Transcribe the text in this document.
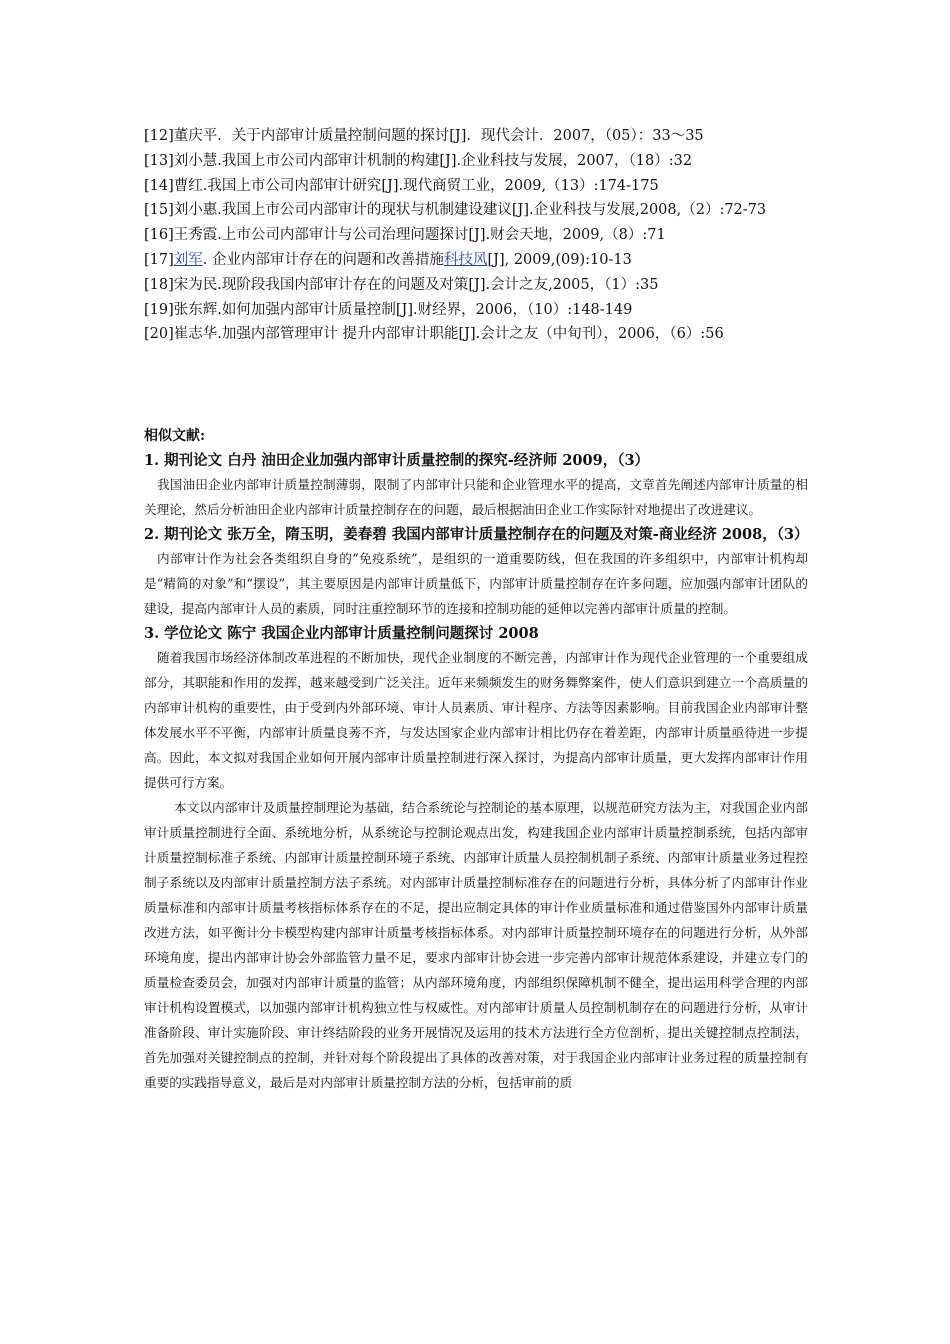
[12]董庆平．关于内部审计质量控制问题的探讨[J]．现代会计．2007，（05）：33～35
[13]刘小慧.我国上市公司内部审计机制的构建[J].企业科技与发展，2007，（18）:32
[14]曹红.我国上市公司内部审计研究[J].现代商贸工业，2009,（13）:174-175
[15]刘小惠.我国上市公司内部审计的现状与机制建设建议[J].企业科技与发展,2008,（2）:72-73
[16]王秀霞.上市公司内部审计与公司治理问题探讨[J].财会天地，2009,（8）:71
[17]刘军. 企业内部审计存在的问题和改善措施科技风[J], 2009,(09):10-13
[18]宋为民.现阶段我国内部审计存在的问题及对策[J].会计之友,2005，（1）:35
[19]张东辉.如何加强内部审计质量控制[J].财经界，2006，（10）:148-149
[20]崔志华.加强内部管理审计 提升内部审计职能[J].会计之友（中旬刊），2006，（6）:56
相似文献:
1. 期刊论文 白丹 油田企业加强内部审计质量控制的探究-经济师 2009，（3）

我国油田企业内部审计质量控制薄弱，限制了内部审计只能和企业管理水平的提高，文章首先阐述内部审计质量的相关理论，然后分析油田企业内部审计质量控制存在的问题，最后根据油田企业工作实际针对地提出了改进建议。

2. 期刊论文 张万全，隋玉明，姜春碧 我国内部审计质量控制存在的问题及对策-商业经济 2008，（3）

内部审计作为社会各类组织自身的“免疫系统”，是组织的一道重要防线，但在我国的许多组织中，内部审计机构却是“精简的对象”和“摆设”，其主要原因是内部审计质量低下，内部审计质量控制存在许多问题，应加强内部审计团队的建设，提高内部审计人员的素质，同时注重控制环节的连接和控制功能的延伸以完善内部审计质量的控制。

3. 学位论文 陈宁 我国企业内部审计质量控制问题探讨 2008

随着我国市场经济体制改革进程的不断加快，现代企业制度的不断完善，内部审计作为现代企业管理的一个重要组成部分，其职能和作用的发挥，越来越受到广泛关注。近年来频频发生的财务舞弊案件，使人们意识到建立一个高质量的内部审计机构的重要性，由于受到内外部环境、审计人员素质、审计程序、方法等因素影响。目前我国企业内部审计整体发展水平不平衡，内部审计质量良莠不齐，与发达国家企业内部审计相比仍存在着差距，内部审计质量亟待进一步提高。因此，本文拟对我国企业如何开展内部审计质量控制进行深入探讨，为提高内部审计质量，更大发挥内部审计作用提供可行方案。

本文以内部审计及质量控制理论为基础，结合系统论与控制论的基本原理，以规范研究方法为主，对我国企业内部审计质量控制进行全面、系统地分析，从系统论与控制论观点出发，构建我国企业内部审计质量控制系统，包括内部审计质量控制标准子系统、内部审计质量控制环境子系统、内部审计质量人员控制机制子系统、内部审计质量业务过程控制子系统以及内部审计质量控制方法子系统。对内部审计质量控制标准存在的问题进行分析，具体分析了内部审计作业质量标准和内部审计质量考核指标体系存在的不足，提出应制定具体的审计作业质量标准和通过借鉴国外内部审计质量改进方法，如平衡计分卡模型构建内部审计质量考核指标体系。对内部审计质量控制环境存在的问题进行分析，从外部环境角度，提出内部审计协会外部监管力量不足，要求内部审计协会进一步完善内部审计规范体系建设，并建立专门的质量检查委员会，加强对内部审计质量的监管；从内部环境角度，内部组织保障机制不健全，提出运用科学合理的内部审计机构设置模式，以加强内部审计机构独立性与权威性。对内部审计质量人员控制机制存在的问题进行分析，从审计准备阶段、审计实施阶段、审计终结阶段的业务开展情况及运用的技术方法进行全方位剖析，提出关键控制点控制法，首先加强对关键控制点的控制，并针对每个阶段提出了具体的改善对策，对于我国企业内部审计业务过程的质量控制有重要的实践指导意义，最后是对内部审计质量控制方法的分析，包括审前的质
